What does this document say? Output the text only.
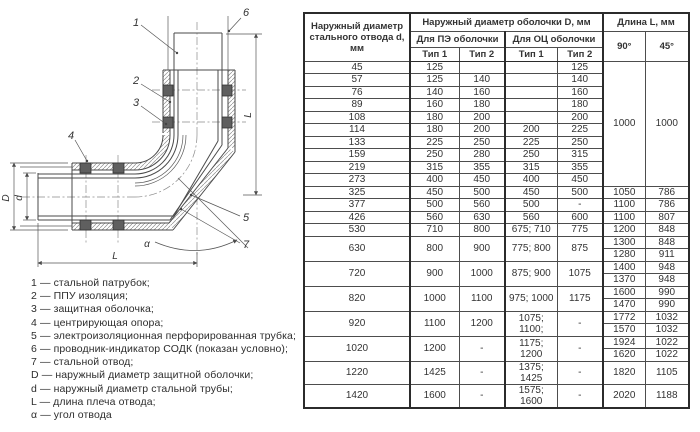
1
6
2
3
4
5
7
L
L
D d
α
1 — стальной патрубок;
2 — ППУ изоляция;
3 — защитная оболочка;
4 — центрирующая опора;
5 — электроизоляционная перфорированная трубка;
6 — проводник-индикатор СОДК (показан условно);
7 — стальной отвод;
D — наружный диаметр защитной оболочки;
d — наружный диаметр стальной трубы;
L — длина плеча отвода;
α — угол отвода
Наружный диаметр стального отвода d, мм	Наружный диаметр оболочки D, мм				Длина L, мм	
	Для ПЭ оболочки		Для ОЦ оболочки		90°	45°
	Тип 1	Тип 2	Тип 1	Тип 2		
45	125			125	1000	1000
57	125	140		140		
76	140	160		160		
89	160	180		180		
108	180	200		200		
114	180	200	200	225		
133	225	250	225	250		
159	250	280	250	315		
219	315	355	315	355		
273	400	450	400	450		
325	450	500	450	500	1050	786
377	500	560	500	-	1100	786
426	560	630	560	600	1100	807
530	710	800	675; 710	775	1200	848
630	800	900	775; 800	875	1300	848
					1280	911
720	900	1000	875; 900	1075	1400	948
					1370	948
820	1000	1100	975; 1000	1175	1600	990
					1470	990
920	1100	1200	1075; 1100;	-	1772	1032
					1570	1032
1020	1200	-	1175; 1200	-	1924	1022
					1620	1022
1220	1425	-	1375; 1425	-	1820	1105
1420	1600	-	1575; 1600	-	2020	1188
